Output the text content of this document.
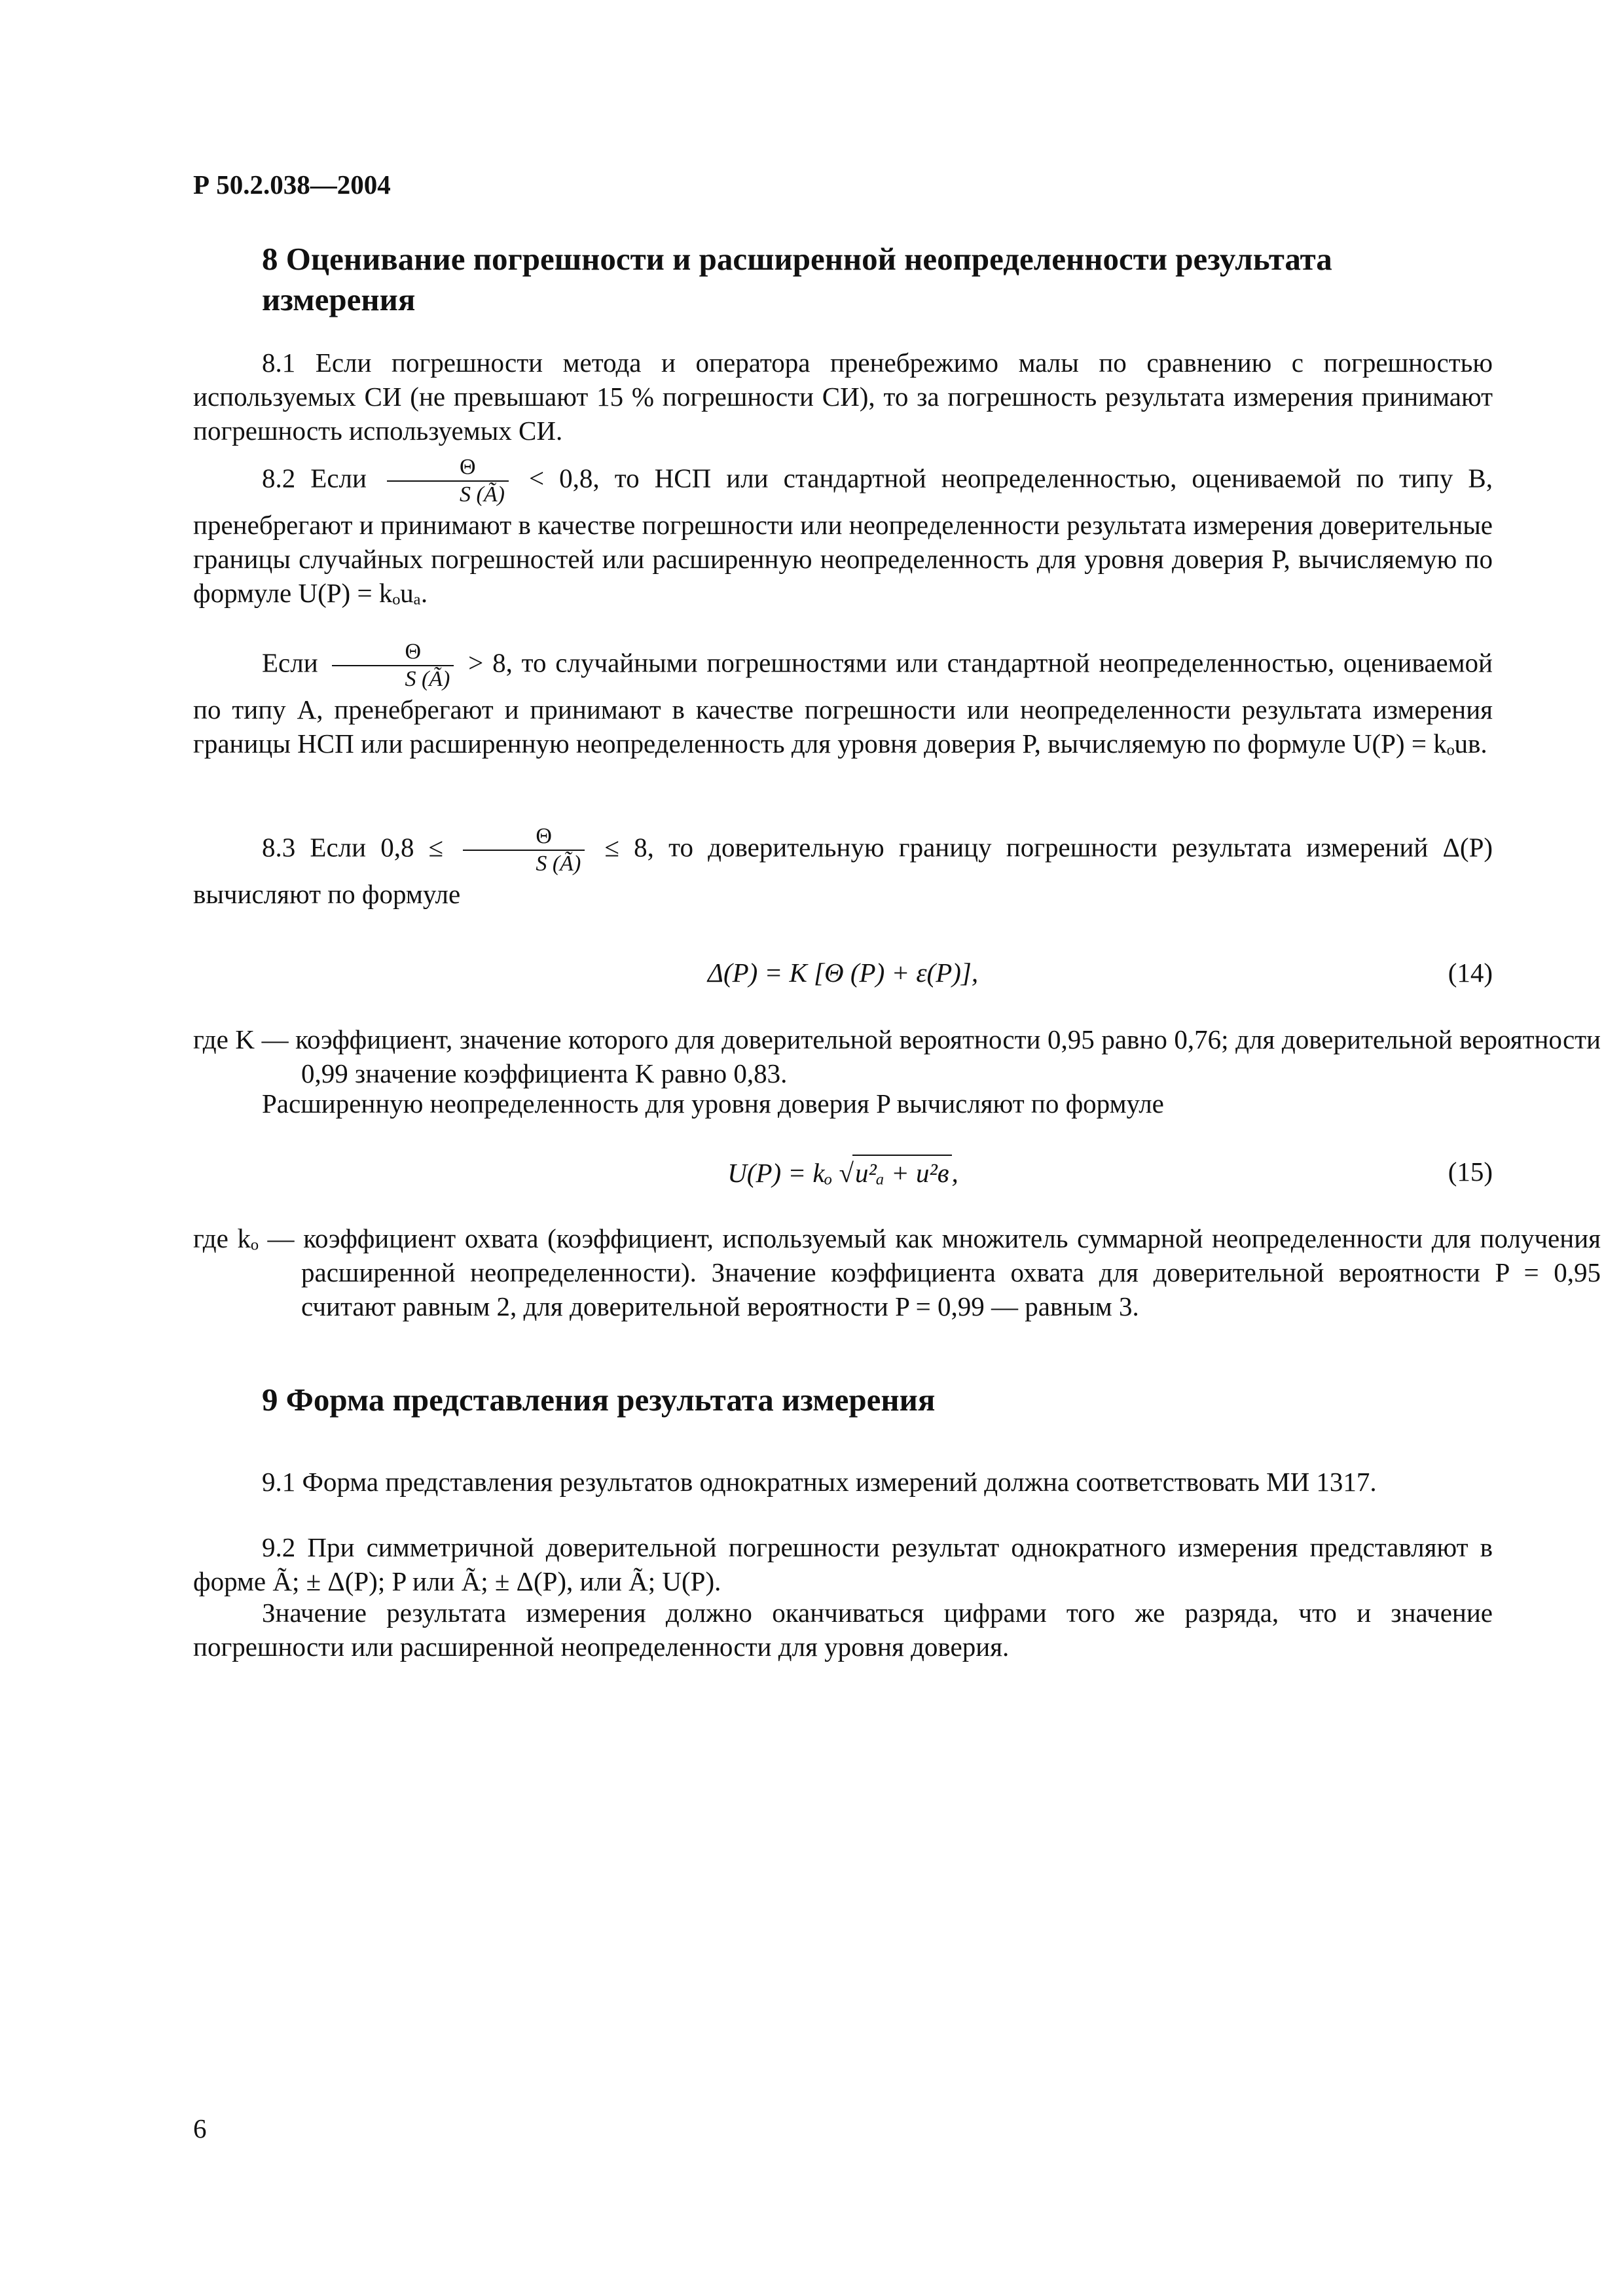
Р 50.2.038—2004
8 Оценивание погрешности и расширенной неопределенности результата измерения
8.1 Если погрешности метода и оператора пренебрежимо малы по сравнению с погрешностью используемых СИ (не превышают 15 % погрешности СИ), то за погрешность результата измерения принимают погрешность используемых СИ.
8.2 Если $\frac{\Theta}{S (Ã)} < 0,8$, то НСП или стандартной неопределенностью, оцениваемой по типу В, пренебрегают и принимают в качестве погрешности или неопределенности результата измерения доверительные границы случайных погрешностей или расширенную неопределенность для уровня доверия P, вычисляемую по формуле U(P) = kₒuₐ.
Если $\frac{\Theta}{S (Ã)} > 8$, то случайными погрешностями или стандартной неопределенностью, оцениваемой по типу А, пренебрегают и принимают в качестве погрешности или неопределенности результата измерения границы НСП или расширенную неопределенность для уровня доверия P, вычисляемую по формуле U(P) = kₒuв.
8.3 Если $0,8 \le \frac{\Theta}{S (Ã)} \le 8$, то доверительную границу погрешности результата измерений Δ(P) вычисляют по формуле
Δ(P) = K [Θ (P) + ε(P)],	(14)
где K — коэффициент, значение которого для доверительной вероятности 0,95 равно 0,76; для доверительной вероятности 0,99 значение коэффициента K равно 0,83.
Расширенную неопределенность для уровня доверия P вычисляют по формуле
U(P) = kₒ √u²ₐ + u²в,	(15)
где kₒ — коэффициент охвата (коэффициент, используемый как множитель суммарной неопределенности для получения расширенной неопределенности). Значение коэффициента охвата для доверительной вероятности P = 0,95 считают равным 2, для доверительной вероятности P = 0,99 — равным 3.
9 Форма представления результата измерения
9.1 Форма представления результатов однократных измерений должна соответствовать МИ 1317.
9.2 При симметричной доверительной погрешности результат однократного измерения представляют в форме Ã; ± Δ(P); P или Ã; ± Δ(P), или Ã; U(P).
Значение результата измерения должно оканчиваться цифрами того же разряда, что и значение погрешности или расширенной неопределенности для уровня доверия.
6
